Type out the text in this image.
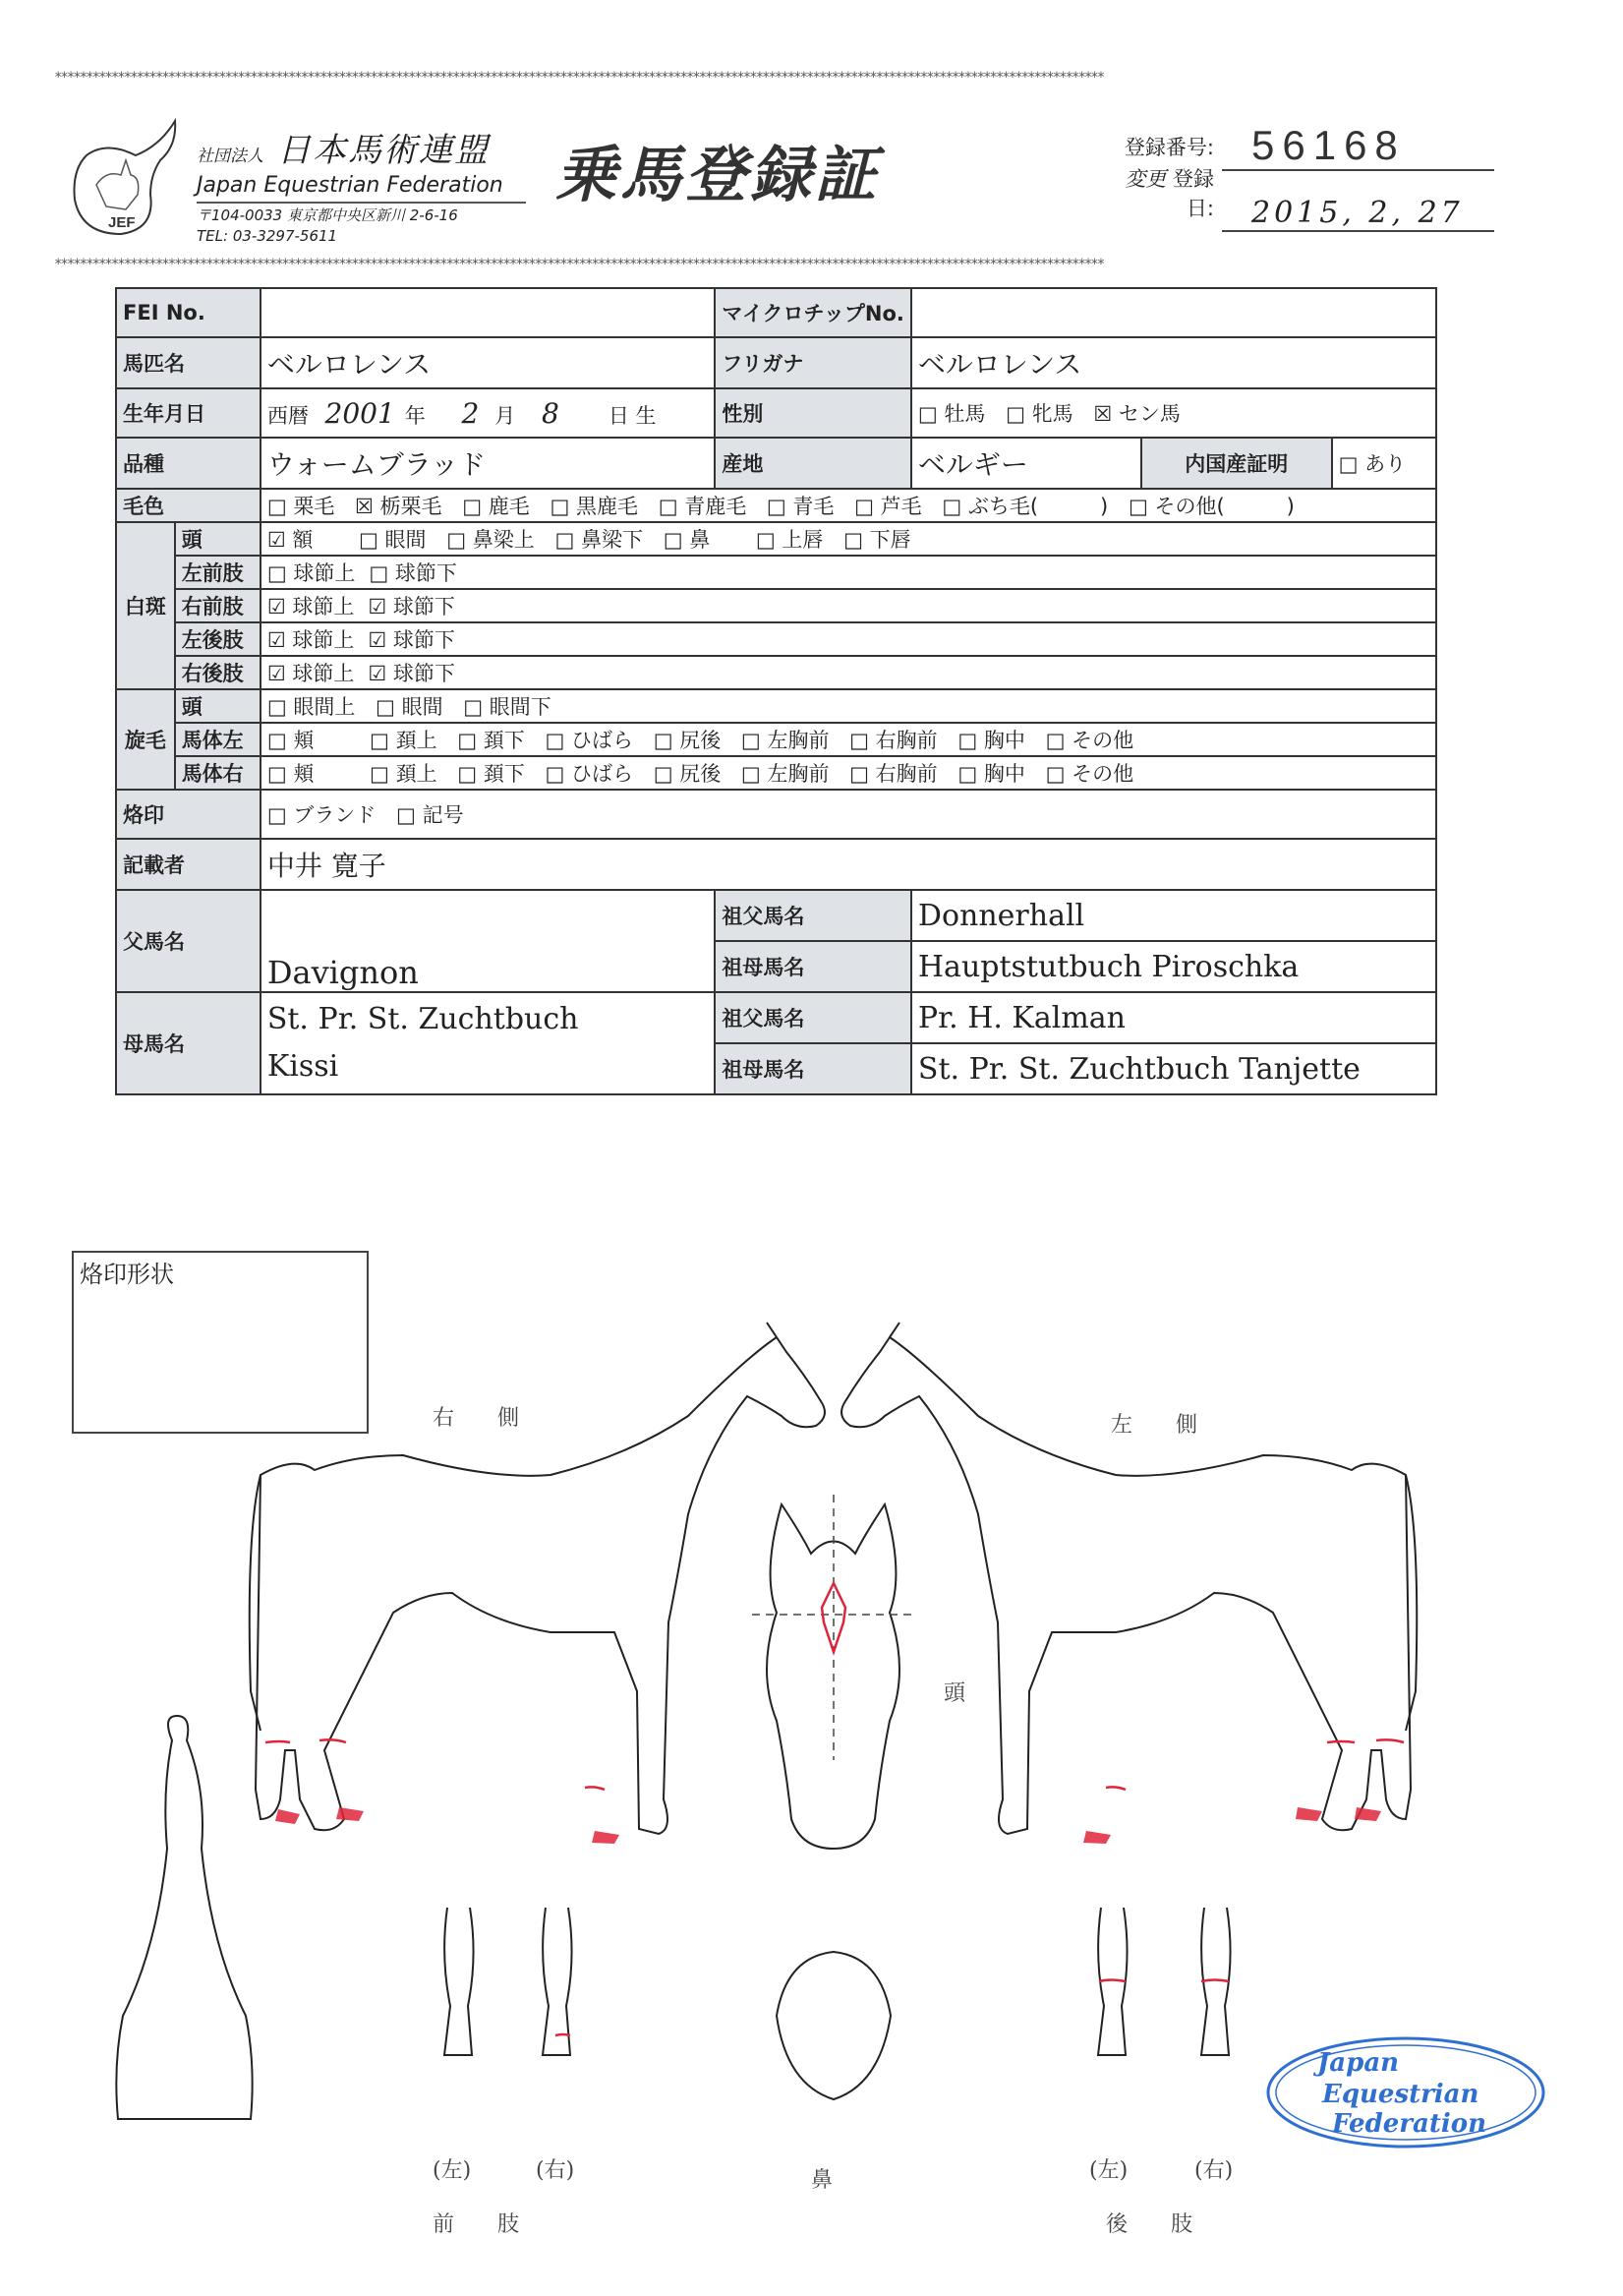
**********************************************************************************************************************************************************************
**********************************************************************************************************************************************************************
JEF
社団法人 日本馬術連盟
Japan Equestrian Federation
〒104-0033 東京都中央区新川 2-6-16
TEL: 03-3297-5611
乗馬登録証	登録番号: 56168
変更 登録日: 2015, 2, 27
FEI No.			マイクロチップNo.			
馬匹名		ベルロレンス	フリガナ	ベルロレンス		
生年月日		西暦 2001 年 2 月 8 日 生	性別	□ 牡馬 □ 牝馬 ☒ セン馬		
品種		ウォームブラッド	産地	ベルギー	内国産証明	□ あり
毛色		□ 栗毛 ☒ 栃栗毛 □ 鹿毛 □ 黒鹿毛 □ 青鹿毛 □ 青毛 □ 芦毛 □ ぶち毛(　　　) □ その他(　　　)				
白斑	頭	☑ 額 □ 眼間 □ 鼻梁上 □ 鼻梁下 □ 鼻 □ 上唇 □ 下唇				
	左前肢	□ 球節上 □ 球節下				
	右前肢	☑ 球節上 ☑ 球節下				
	左後肢	☑ 球節上 ☑ 球節下				
	右後肢	☑ 球節上 ☑ 球節下				
旋毛	頭	□ 眼間上 □ 眼間 □ 眼間下				
	馬体左	□ 頬 □ 頚上 □ 頚下 □ ひばら □ 尻後 □ 左胸前 □ 右胸前 □ 胸中 □ その他				
	馬体右	□ 頬 □ 頚上 □ 頚下 □ ひばら □ 尻後 □ 左胸前 □ 右胸前 □ 胸中 □ その他				
烙印		□ ブランド □ 記号				
記載者		中井 寛子				
父馬名		Davignon	祖父馬名	Donnerhall		
			祖母馬名	Hauptstutbuch Piroschka		
母馬名		St. Pr. St. Zuchtbuch
Kissi	祖父馬名	Pr. H. Kalman		
			祖母馬名	St. Pr. St. Zuchtbuch Tanjette		
烙印形状
右　　側	左　　側
頭
鼻
(左)	(右)
前　　肢
(左)	(右)
後　　肢
Japan
Equestrian
Federation
